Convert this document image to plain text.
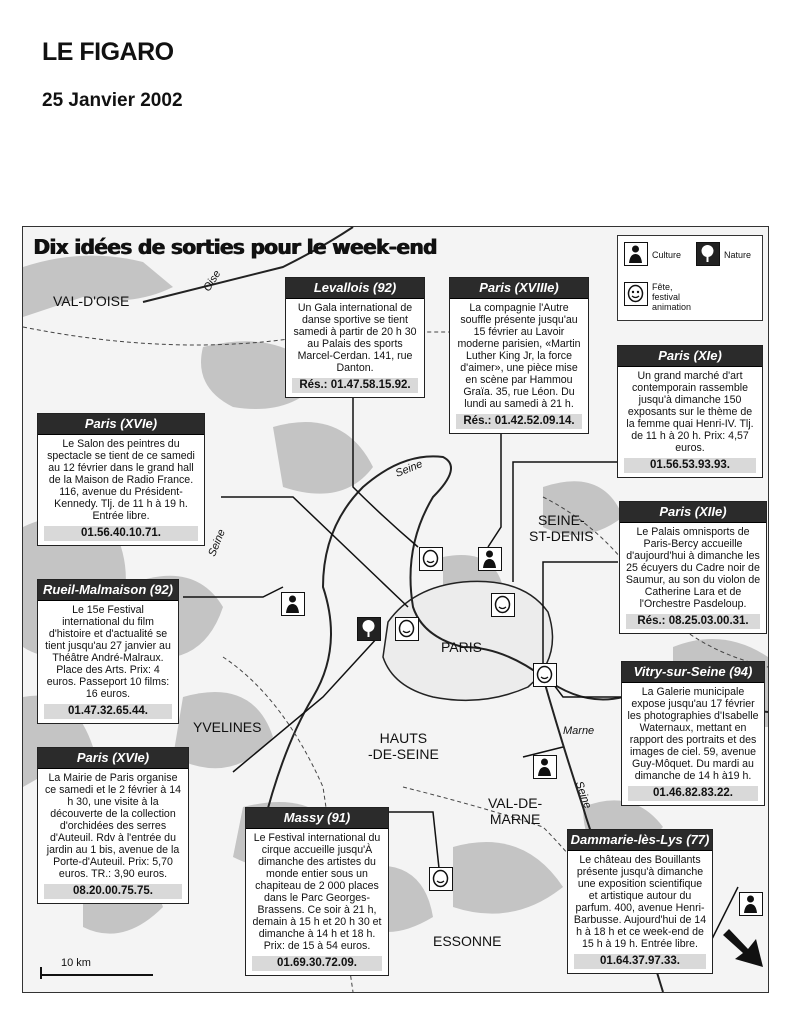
LE FIGARO
25 Janvier 2002
Dix idées de sorties pour le week-end
VAL-D'OISE
SEINE-
ST-DENIS
PARIS
YVELINES
HAUTS
-DE-SEINE
VAL-DE-
MARNE
ESSONNE
Oise
Seine
Seine
Marne
Seine
Culture	Nature
Fête,
festival
animation
Levallois (92)
Un Gala international de danse sportive se tient samedi à partir de 20 h 30 au Palais des sports Marcel-Cerdan. 141, rue Danton.
Rés.: 01.47.58.15.92.
Paris (XVIIIe)
La compagnie l'Autre souffle présente jusqu'au 15 février au Lavoir moderne parisien, «Martin Luther King Jr, la force d'aimer», une pièce mise en scène par Hammou Graïa. 35, rue Léon. Du lundi au samedi à 21 h.
Rés.: 01.42.52.09.14.
Paris (XIe)
Un grand marché d'art contemporain rassemble jusqu'à dimanche 150 exposants sur le thème de la femme quai Henri-IV. Tlj. de 11 h à 20 h. Prix: 4,57 euros.
01.56.53.93.93.
Paris (XVIe)
Le Salon des peintres du spectacle se tient de ce samedi au 12 février dans le grand hall de la Maison de Radio France. 116, avenue du Président-Kennedy. Tlj. de 11 h à 19 h. Entrée libre.
01.56.40.10.71.
Paris (XIIe)
Le Palais omnisports de Paris-Bercy accueille d'aujourd'hui à dimanche les 25 écuyers du Cadre noir de Saumur, au son du violon de Catherine Lara et de l'Orchestre Pasdeloup.
Rés.: 08.25.03.00.31.
Rueil-Malmaison (92)
Le 15e Festival international du film d'histoire et d'actualité se tient jusqu'au 27 janvier au Théâtre André-Malraux. Place des Arts. Prix: 4 euros. Passeport 10 films: 16 euros.
01.47.32.65.44.
Vitry-sur-Seine (94)
La Galerie municipale expose jusqu'au 17 février les photographies d'Isabelle Waternaux, mettant en rapport des portraits et des images de ciel. 59, avenue Guy-Môquet. Du mardi au dimanche de 14 h à19 h.
01.46.82.83.22.
Paris (XVIe)
La Mairie de Paris organise ce samedi et le 2 février à 14 h 30, une visite à la découverte de la collection d'orchidées des serres d'Auteuil. Rdv à l'entrée du jardin au 1 bis, avenue de la Porte-d'Auteuil. Prix: 5,70 euros. TR.: 3,90 euros.
08.20.00.75.75.
Massy (91)
Le Festival international du cirque accueille jusqu'À dimanche des artistes du monde entier sous un chapiteau de 2 000 places dans le Parc Georges-Brassens. Ce soir à 21 h, demain à 15 h et 20 h 30 et dimanche à 14 h et 18 h. Prix: de 15 à 54 euros.
01.69.30.72.09.
Dammarie-lès-Lys (77)
Le château des Bouillants présente jusqu'à dimanche une exposition scientifique et artistique autour du parfum. 400, avenue Henri-Barbusse. Aujourd'hui de 14 h à 18 h et ce week-end de 15 h à 19 h. Entrée libre.
01.64.37.97.33.
10 km
